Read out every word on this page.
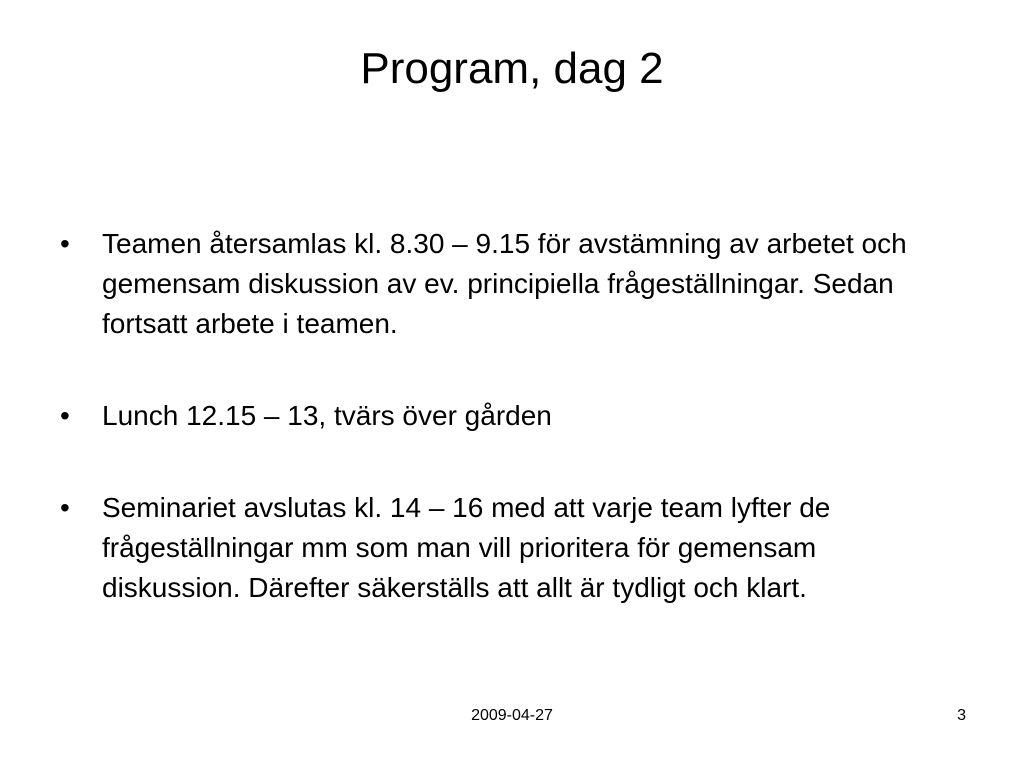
Program, dag 2
•	Teamen återsamlas kl. 8.30 – 9.15 för avstämning av arbetet och gemensam diskussion av ev. principiella frågeställningar. Sedan fortsatt arbete i teamen.
•	Lunch 12.15 – 13, tvärs över gården
•	Seminariet avslutas kl. 14 – 16 med att varje team lyfter de frågeställningar mm som man vill prioritera för gemensam diskussion. Därefter säkerställs att allt är tydligt och klart.
2009-04-27	3
